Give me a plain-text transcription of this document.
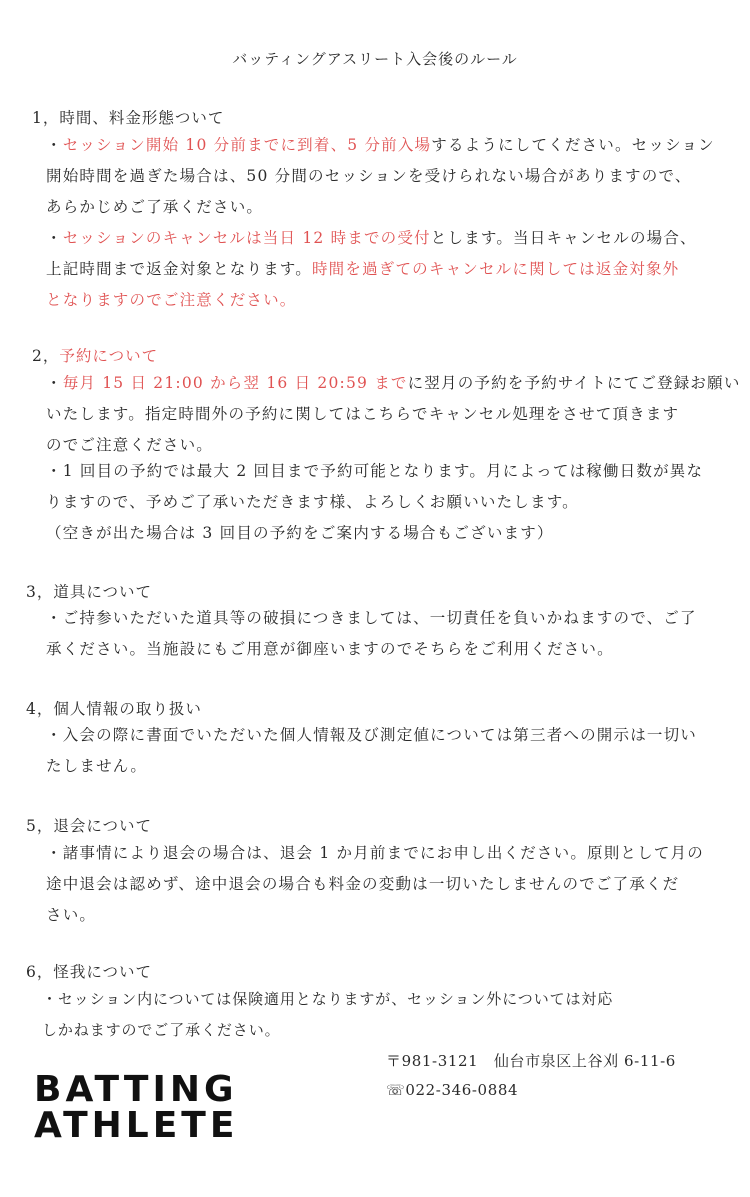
バッティングアスリート入会後のルール
1，時間、料金形態ついて
・セッション開始 10 分前までに到着、5 分前入場するようにしてください。セッション
開始時間を過ぎた場合は、50 分間のセッションを受けられない場合がありますので、
あらかじめご了承ください。
・セッションのキャンセルは当日 12 時までの受付とします。当日キャンセルの場合、
上記時間まで返金対象となります。時間を過ぎてのキャンセルに関しては返金対象外
となりますのでご注意ください。
2，予約について
・毎月 15 日 21:00 から翌 16 日 20:59 までに翌月の予約を予約サイトにてご登録お願い
いたします。指定時間外の予約に関してはこちらでキャンセル処理をさせて頂きます
のでご注意ください。
・1 回目の予約では最大 2 回目まで予約可能となります。月によっては稼働日数が異な
りますので、予めご了承いただきます様、よろしくお願いいたします。
（空きが出た場合は 3 回目の予約をご案内する場合もございます）
3，道具について
・ご持参いただいた道具等の破損につきましては、一切責任を負いかねますので、ご了
承ください。当施設にもご用意が御座いますのでそちらをご利用ください。
4，個人情報の取り扱い
・入会の際に書面でいただいた個人情報及び測定値については第三者への開示は一切い
たしません。
5，退会について
・諸事情により退会の場合は、退会 1 か月前までにお申し出ください。原則として月の
途中退会は認めず、途中退会の場合も料金の変動は一切いたしませんのでご了承くだ
さい。
6，怪我について
・セッション内については保険適用となりますが、セッション外については対応
しかねますのでご了承ください。
〒981-3121　仙台市泉区上谷刈 6-11-6
☏022-346-0884
BATTING
ATHLETE
